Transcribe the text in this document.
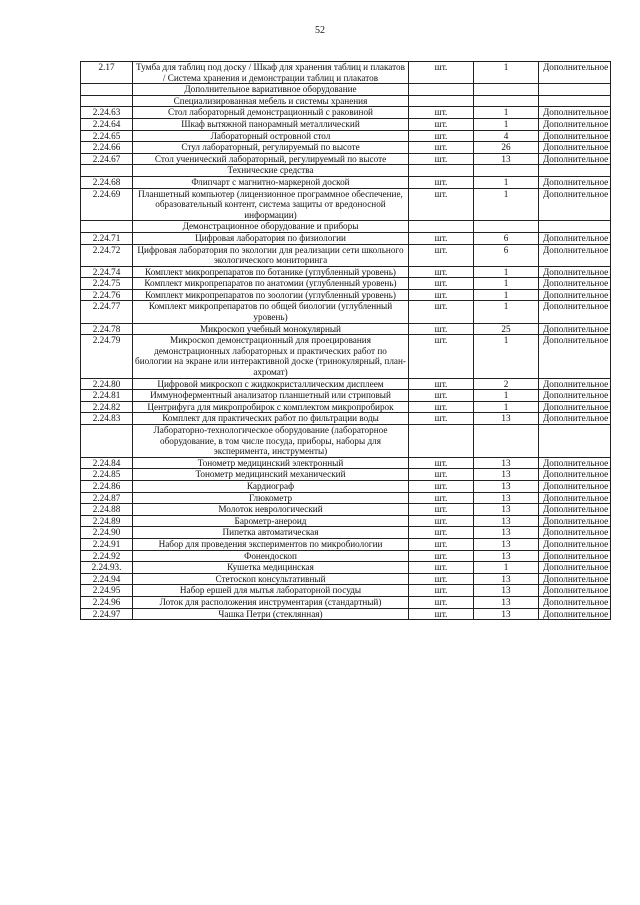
52
2.17	Тумба для таблиц под доску / Шкаф для хранения таблиц и плакатов / Система хранения и демонстрации таблиц и плакатов	шт.	1	Дополнительное
	Дополнительное вариативное оборудование			
	Специализированная мебель и системы хранения			
2.24.63	Стол лабораторный демонстрационный с раковиной	шт.	1	Дополнительное
2.24.64	Шкаф вытяжной панорамный металлический	шт.	1	Дополнительное
2.24.65	Лабораторный островной стол	шт.	4	Дополнительное
2.24.66	Стул лабораторный, регулируемый по высоте	шт.	26	Дополнительное
2.24.67	Стол ученический лабораторный, регулируемый по высоте	шт.	13	Дополнительное
	Технические средства			
2.24.68	Флипчарт с магнитно-маркерной доской	шт.	1	Дополнительное
2.24.69	Планшетный компьютер (лицензионное программное обеспечение, образовательный контент, система защиты от вредоносной информации)	шт.	1	Дополнительное
	Демонстрационное оборудование и приборы			
2.24.71	Цифровая лаборатория по физиологии	шт.	6	Дополнительное
2.24.72	Цифровая лаборатория по экологии для реализации сети школьного экологического мониторинга	шт.	6	Дополнительное
2.24.74	Комплект микропрепаратов по ботанике (углубленный уровень)	шт.	1	Дополнительное
2.24.75	Комплект микропрепаратов по анатомии (углубленный уровень)	шт.	1	Дополнительное
2.24.76	Комплект микропрепаратов по зоологии (углубленный уровень)	шт.	1	Дополнительное
2.24.77	Комплект микропрепаратов по общей биологии (углубленный уровень)	шт.	1	Дополнительное
2.24.78	Микроскоп учебный монокулярный	шт.	25	Дополнительное
2.24.79	Микроскоп демонстрационный для проецирования демонстрационных лабораторных и практических работ по биологии на экране или интерактивной доске (тринокулярный, план-ахромат)	шт.	1	Дополнительное
2.24.80	Цифровой микроскоп с жидкокристаллическим дисплеем	шт.	2	Дополнительное
2.24.81	Иммуноферментный анализатор планшетный или стриповый	шт.	1	Дополнительное
2.24.82	Центрифуга для микропробирок с комплектом микропробирок	шт.	1	Дополнительное
2.24.83	Комплект для практических работ по фильтрации воды	шт.	13	Дополнительное
	Лабораторно-технологическое оборудование (лабораторное оборудование, в том числе посуда, приборы, наборы для эксперимента, инструменты)			
2.24.84	Тонометр медицинский электронный	шт.	13	Дополнительное
2.24.85	Тонометр медицинский механический	шт.	13	Дополнительное
2.24.86	Кардиограф	шт.	13	Дополнительное
2.24.87	Глюкометр	шт.	13	Дополнительное
2.24.88	Молоток неврологический	шт.	13	Дополнительное
2.24.89	Барометр-анероид	шт.	13	Дополнительное
2.24.90	Пипетка автоматическая	шт.	13	Дополнительное
2.24.91	Набор для проведения экспериментов по микробиологии	шт.	13	Дополнительное
2.24.92	Фонендоскоп	шт.	13	Дополнительное
2.24.93.	Кушетка медицинская	шт.	1	Дополнительное
2.24.94	Стетоскоп консультативный	шт.	13	Дополнительное
2.24.95	Набор ершей для мытья лабораторной посуды	шт.	13	Дополнительное
2.24.96	Лоток для расположения инструментария (стандартный)	шт.	13	Дополнительное
2.24.97	Чашка Петри (стеклянная)	шт.	13	Дополнительное
